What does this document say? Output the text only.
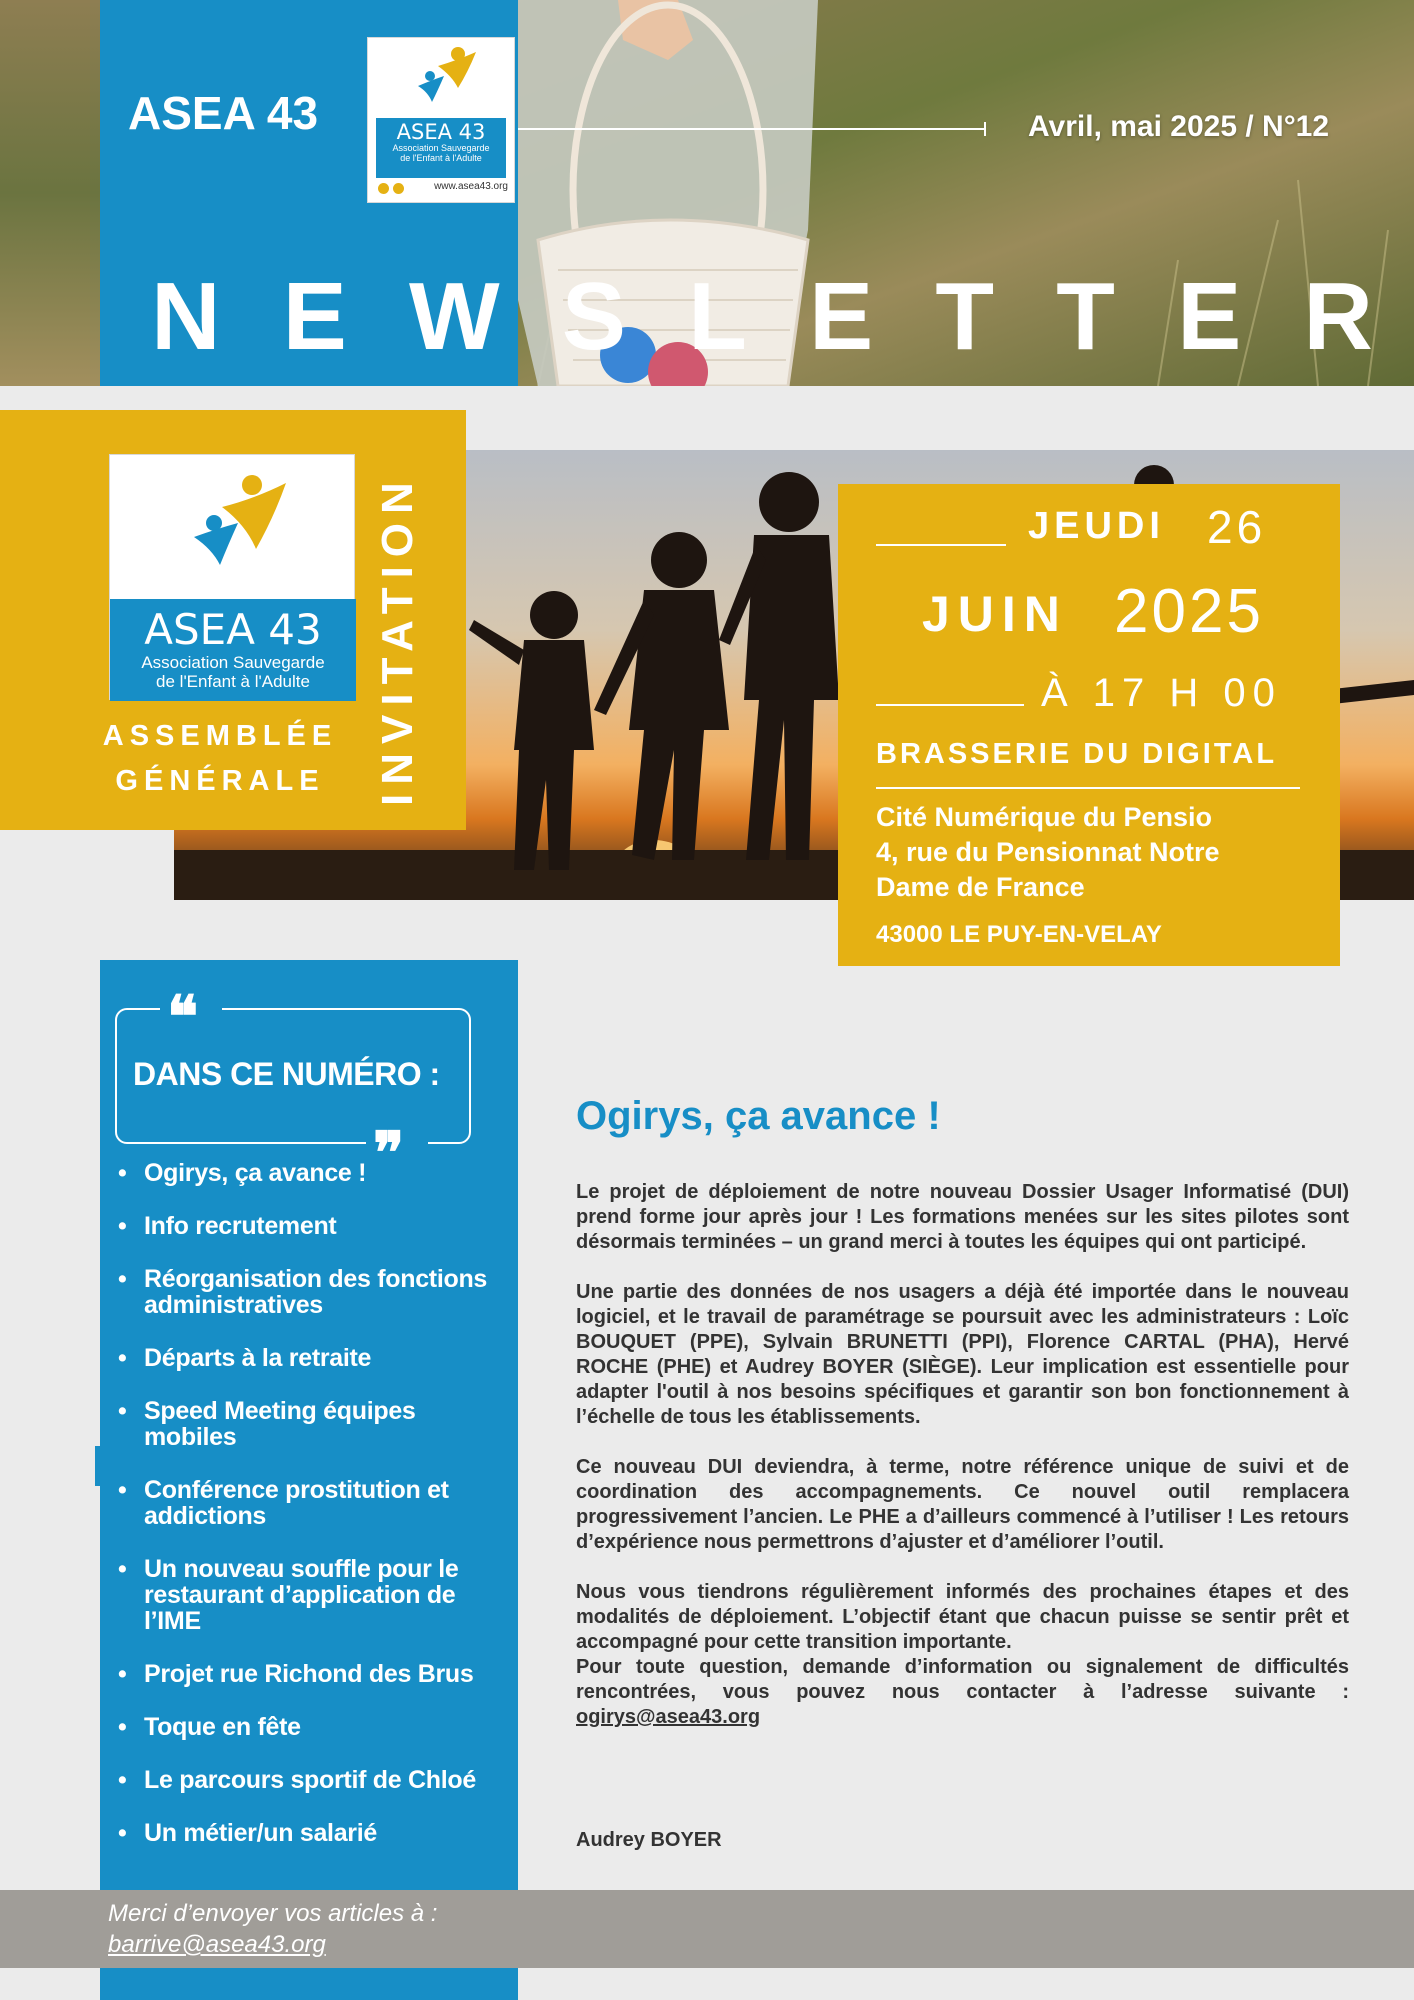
ASEA 43	ASEA 43
Association Sauvegarde
de l'Enfant à l'Adulte
www.asea43.org
Avril, mai 2025 / N°12
N E W S L E T T E R
ASEA 43
Association Sauvegarde
de l'Enfant à l'Adulte
ASSEMBLÉE
GÉNÉRALE	INVITATION	JEUDI 26
JUIN 2025
À 17 H 00
BRASSERIE DU DIGITAL
Cité Numérique du Pensio
4, rue du Pensionnat Notre
Dame de France
43000 LE PUY-EN-VELAY
❝
❞
DANS CE NUMÉRO :
• Ogirys, ça avance !
• Info recrutement
• Réorganisation des fonctions administratives
• Départs à la retraite
• Speed Meeting équipes mobiles
• Conférence prostitution et addictions
• Un nouveau souffle pour le restaurant d’application de l’IME
• Projet rue Richond des Brus
• Toque en fête
• Le parcours sportif de Chloé
• Un métier/un salarié
Ogirys, ça avance !

Le projet de déploiement de notre nouveau Dossier Usager Informatisé (DUI) prend forme jour après jour ! Les formations menées sur les sites pilotes sont désormais terminées – un grand merci à toutes les équipes qui ont participé.

Une partie des données de nos usagers a déjà été importée dans le nouveau logiciel, et le travail de paramétrage se poursuit avec les administrateurs : Loïc BOUQUET (PPE), Sylvain BRUNETTI (PPI), Florence CARTAL (PHA), Hervé ROCHE (PHE) et Audrey BOYER (SIÈGE). Leur implication est essentielle pour adapter l'outil à nos besoins spécifiques et garantir son bon fonctionnement à l’échelle de tous les établissements.

Ce nouveau DUI deviendra, à terme, notre référence unique de suivi et de coordination des accompagnements. Ce nouvel outil remplacera progressivement l’ancien. Le PHE a d’ailleurs commencé à l’utiliser ! Les retours d’expérience nous permettrons d’ajuster et d’améliorer l’outil.

Nous vous tiendrons régulièrement informés des prochaines étapes et des modalités de déploiement. L’objectif étant que chacun puisse se sentir prêt et accompagné pour cette transition importante.

Pour toute question, demande d’information ou signalement de difficultés rencontrées, vous pouvez nous contacter à l’adresse suivante : ogirys@asea43.org

Audrey BOYER
Merci d’envoyer vos articles à :
barrive@asea43.org
